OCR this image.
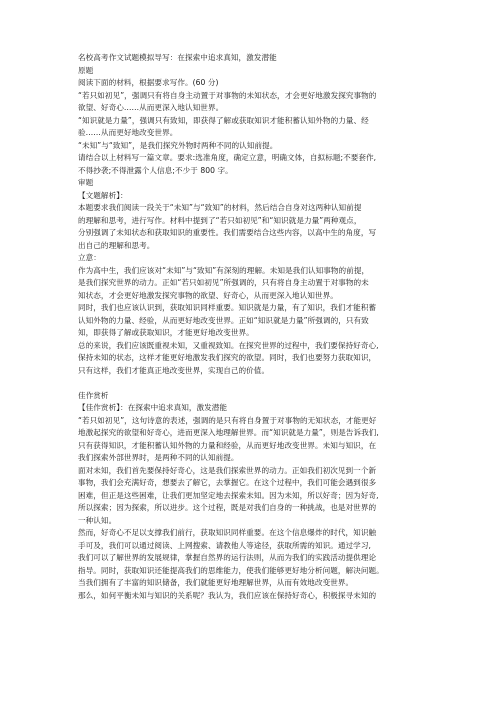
名校高考作文试题模拟导写：在探索中追求真知，激发潜能
原题
阅读下面的材料，根据要求写作。(60 分)
“若只如初见”，强调只有将自身主动置于对事物的未知状态，才会更好地激发探究事物的
欲望、好奇心……从而更深入地认知世界。
“知识就是力量”，强调只有致知，即获得了解或获取知识才能积蓄认知外物的力量、经
验……从而更好地改变世界。
“未知”与“致知”，是我们探究外物时两种不同的认知前提。
请结合以上材料写一篇文章。要求:选准角度，确定立意，明确文体，自拟标题;不要套作,
不得抄袭;不得泄露个人信息;不少于 800 字。
审题
【文题解析】：
本题要求我们阅读一段关于“未知”与“致知”的材料，然后结合自身对这两种认知前提
的理解和思考，进行写作。材料中提到了“若只如初见”和“知识就是力量”两种观点，
分别强调了未知状态和获取知识的重要性。我们需要结合这些内容，以高中生的角度，写
出自己的理解和思考。
立意：
作为高中生，我们应该对“未知”与“致知”有深刻的理解。未知是我们认知事物的前提，
是我们探究世界的动力。正如“若只如初见”所强调的，只有将自身主动置于对事物的未
知状态，才会更好地激发探究事物的欲望、好奇心，从而更深入地认知世界。
同时，我们也应该认识到，获取知识同样重要。知识就是力量，有了知识，我们才能积蓄
认知外物的力量、经验，从而更好地改变世界。正如“知识就是力量”所强调的，只有致
知，即获得了解或获取知识，才能更好地改变世界。
总的来说，我们应该既重视未知，又重视致知。在探究世界的过程中，我们要保持好奇心,
保持未知的状态，这样才能更好地激发我们探究的欲望。同时，我们也要努力获取知识，
只有这样，我们才能真正地改变世界，实现自己的价值。
佳作赏析
【佳作赏析】：在探索中追求真知，激发潜能
“若只如初见”，这句诗意的表述，强调的是只有将自身置于对事物的无知状态，才能更好
地激起探究的欲望和好奇心，进而更深入地理解世界。而“知识就是力量”，则是告诉我们,
只有获得知识，才能积蓄认知外物的力量和经验，从而更好地改变世界。未知与知识，在
我们探索外部世界时，是两种不同的认知前提。
面对未知，我们首先要保持好奇心，这是我们探索世界的动力。正如我们初次见到一个新
事物，我们会充满好奇，想要去了解它，去掌握它。在这个过程中，我们可能会遇到很多
困难，但正是这些困难，让我们更加坚定地去探索未知。因为未知，所以好奇；因为好奇,
所以探索；因为探索，所以进步。这个过程，既是对我们自身的一种挑战，也是对世界的
一种认知。
然而，好奇心不足以支撑我们前行，获取知识同样重要。在这个信息爆炸的时代，知识触
手可及，我们可以通过阅读、上网搜索、请教他人等途径，获取所需的知识。通过学习,
我们可以了解世界的发展规律，掌握自然界的运行法则，从而为我们的实践活动提供理论
指导。同时，获取知识还能提高我们的思维能力，使我们能够更好地分析问题，解决问题。
当我们拥有了丰富的知识储备，我们就能更好地理解世界，从而有效地改变世界。
那么，如何平衡未知与知识的关系呢？我认为，我们应该在保持好奇心，积极探寻未知的
